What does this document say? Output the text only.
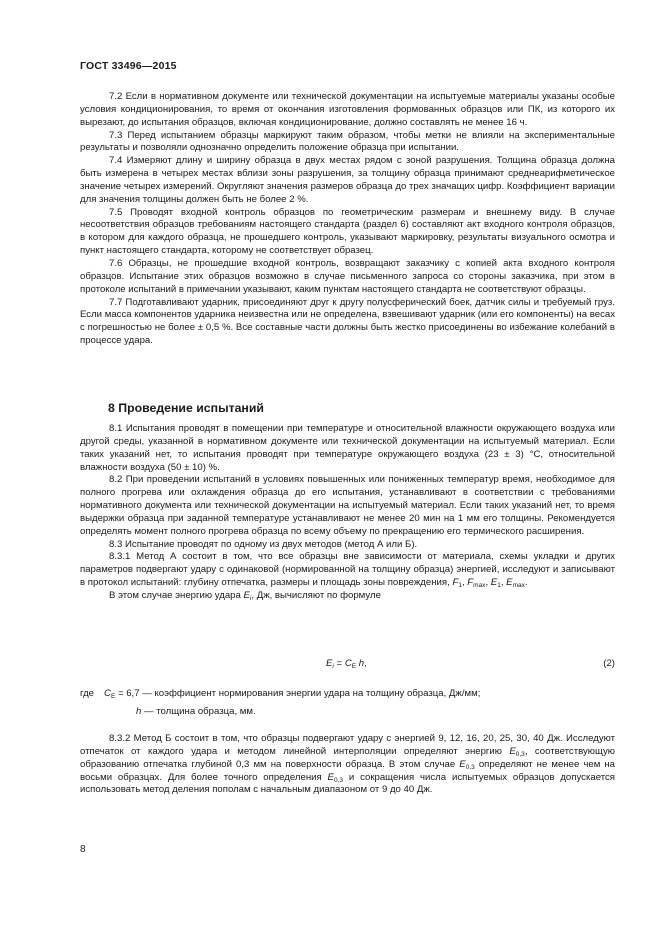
ГОСТ 33496—2015

7.2 Если в нормативном документе или технической документации на испытуемые материалы указаны особые условия кондиционирования, то время от окончания изготовления формованных образцов или ПК, из которого их вырезают, до испытания образцов, включая кондиционирование, должно составлять не менее 16 ч.

7.3 Перед испытанием образцы маркируют таким образом, чтобы метки не влияли на экспериментальные результаты и позволяли однозначно определить положение образца при испытании.

7.4 Измеряют длину и ширину образца в двух местах рядом с зоной разрушения. Толщина образца должна быть измерена в четырех местах вблизи зоны разрушения, за толщину образца принимают среднеарифметическое значение четырех измерений. Округляют значения размеров образца до трех значащих цифр. Коэффициент вариации для значения толщины должен быть не более 2 %.

7.5 Проводят входной контроль образцов по геометрическим размерам и внешнему виду. В случае несоответствия образцов требованиям настоящего стандарта (раздел 6) составляют акт входного контроля образцов, в котором для каждого образца, не прошедшего контроль, указывают маркировку, результаты визуального осмотра и пункт настоящего стандарта, которому не соответствует образец.

7.6 Образцы, не прошедшие входной контроль, возвращают заказчику с копией акта входного контроля образцов. Испытание этих образцов возможно в случае письменного запроса со стороны заказчика, при этом в протоколе испытаний в примечании указывают, каким пунктам настоящего стандарта не соответствуют образцы.

7.7 Подготавливают ударник, присоединяют друг к другу полусферический боек, датчик силы и требуемый груз. Если масса компонентов ударника неизвестна или не определена, взвешивают ударник (или его компоненты) на весах с погрешностью не более ± 0,5 %. Все составные части должны быть жестко присоединены во избежание колебаний в процессе удара.

8 Проведение испытаний

8.1 Испытания проводят в помещении при температуре и относительной влажности окружающего воздуха или другой среды, указанной в нормативном документе или технической документации на испытуемый материал. Если таких указаний нет, то испытания проводят при температуре окружающего воздуха (23 ± 3) °С, относительной влажности воздуха (50 ± 10) %.

8.2 При проведении испытаний в условиях повышенных или пониженных температур время, необходимое для полного прогрева или охлаждения образца до его испытания, устанавливают в соответствии с требованиями нормативного документа или технической документации на испытуемый материал. Если таких указаний нет, то время выдержки образца при заданной температуре устанавливают не менее 20 мин на 1 мм его толщины. Рекомендуется определять момент полного прогрева образца по всему объему по прекращению его термического расширения.

8.3 Испытание проводят по одному из двух методов (метод А или Б).

8.3.1 Метод А состоит в том, что все образцы вне зависимости от материала, схемы укладки и других параметров подвергают удару с одинаковой (нормированной на толщину образца) энергией, исследуют и записывают в протокол испытаний: глубину отпечатка, размеры и площадь зоны повреждения, $F_1$, $F_{max}$, $E_1$, $E_{max}$.

В этом случае энергию удара $E_i$, Дж, вычисляют по формуле

$E_i = C_E$ h,	(2)
где $C_E = 6,7$ — коэффициент нормирования энергии удара на толщину образца, Дж/мм;
h — толщина образца, мм.

8.3.2 Метод Б состоит в том, что образцы подвергают удару с энергией 9, 12, 16, 20, 25, 30, 40 Дж. Исследуют отпечаток от каждого удара и методом линейной интерполяции определяют энергию $E_{0,3}$, соответствующую образованию отпечатка глубиной 0,3 мм на поверхности образца. В этом случае $E_{0,3}$ определяют не менее чем на восьми образцах. Для более точного определения $E_{0,3}$ и сокращения числа испытуемых образцов допускается использовать метод деления пополам с начальным диапазоном от 9 до 40 Дж.

8
